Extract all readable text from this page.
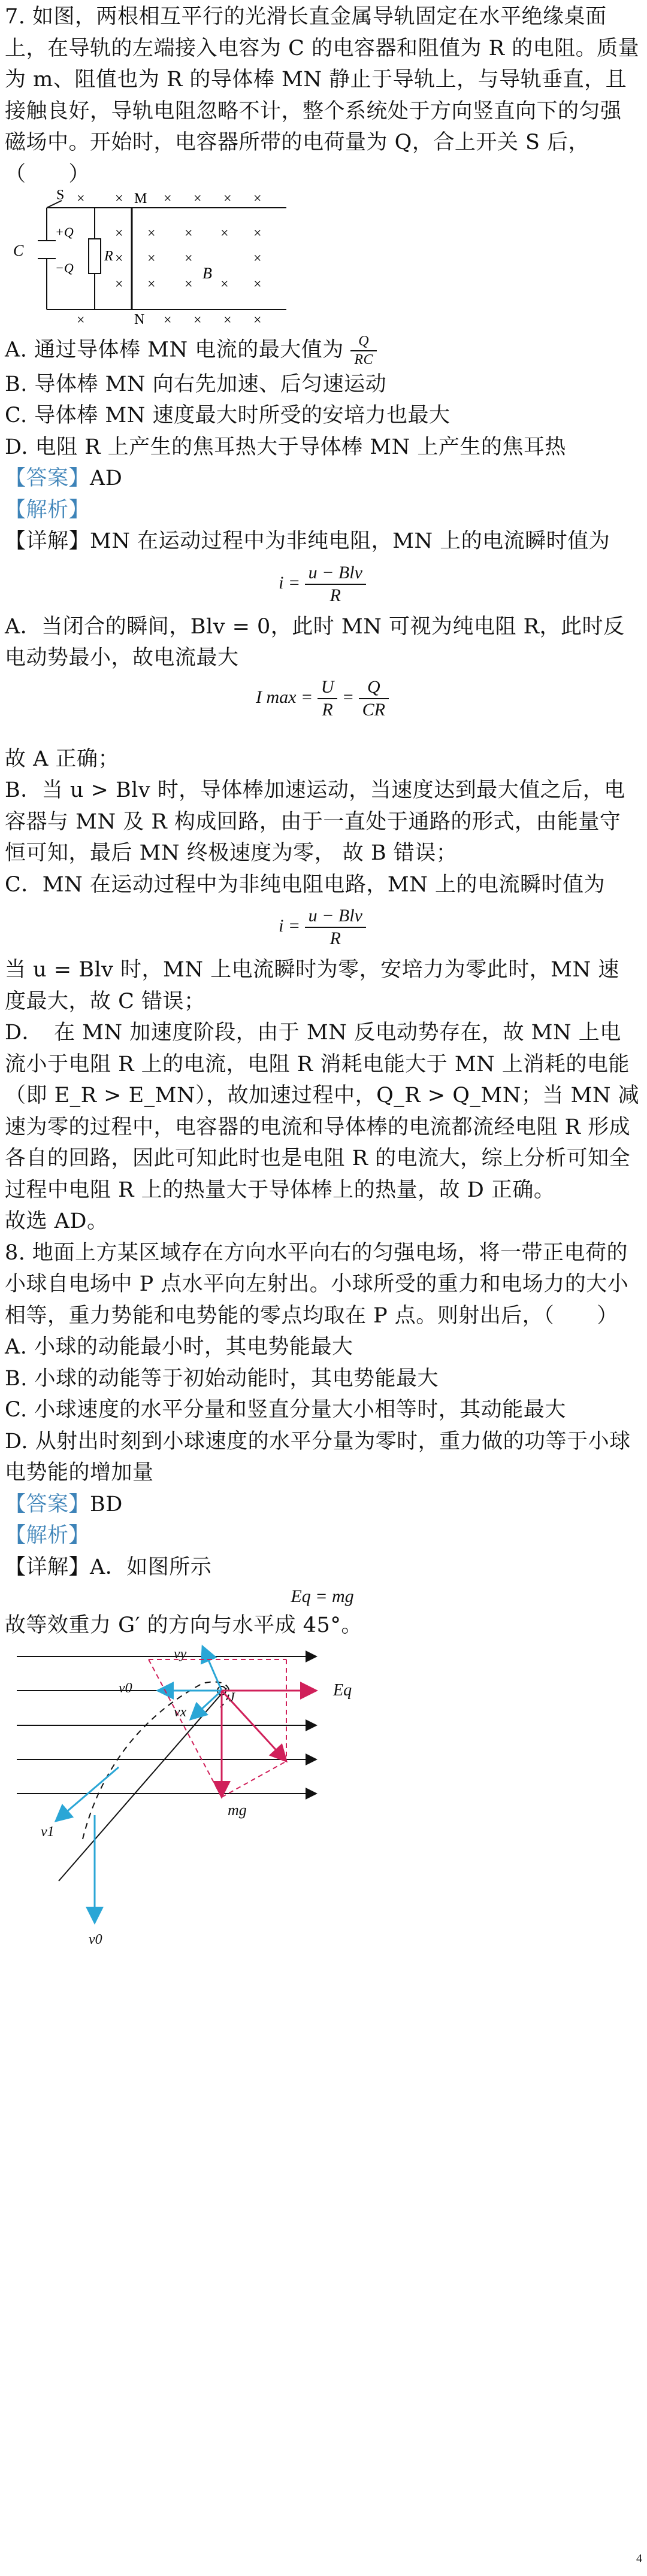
7. 如图，两根相互平行的光滑长直金属导轨固定在水平绝缘桌面上，在导轨的左端接入电容为 C 的电容器和阻值为 R 的电阻。质量为 m、阻值也为 R 的导体棒 MN 静止于导轨上，与导轨垂直，且接触良好，导轨电阻忽略不计，整个系统处于方向竖直向下的匀强磁场中。开始时，电容器所带的电荷量为 Q，合上开关 S 后，（　　）

S	M
N
C
+Q
−Q
R
B
× ×	× × × ×
× × × × ×
× × ×	×
× × × × ×
×	× × × ×

A. 通过导体棒 MN 电流的最大值为 $\frac{Q}{RC}$

B. 导体棒 MN 向右先加速、后匀速运动

C. 导体棒 MN 速度最大时所受的安培力也最大

D. 电阻 R 上产生的焦耳热大于导体棒 MN 上产生的焦耳热

【答案】AD

【解析】

【详解】MN 在运动过程中为非纯电阻，MN 上的电流瞬时值为

$i = \frac{\text{u − Blv}}{R}$

A．当闭合的瞬间，Blv = 0，此时 MN 可视为纯电阻 R，此时反电动势最小，故电流最大

I $\max = \frac{U}{R} = \frac{Q}{CR}$

故 A 正确；

B．当 u > Blv 时，导体棒加速运动，当速度达到最大值之后，电容器与 MN 及 R 构成回路，由于一直处于通路的形式，由能量守恒可知，最后 MN 终极速度为零， 故 B 错误；

C．MN 在运动过程中为非纯电阻电路，MN 上的电流瞬时值为

$i = \frac{\text{u − Blv}}{R}$

当 u = Blv 时，MN 上电流瞬时为零，安培力为零此时，MN 速度最大，故 C 错误；

D．　在 MN 加速度阶段，由于 MN 反电动势存在，故 MN 上电流小于电阻 R 上的电流，电阻 R 消耗电能大于 MN 上消耗的电能（即 E_R > E_MN），故加速过程中，Q_R > Q_MN；当 MN 减速为零的过程中，电容器的电流和导体棒的电流都流经电阻 R 形成各自的回路，因此可知此时也是电阻 R 的电流大，综上分析可知全过程中电阻 R 上的热量大于导体棒上的热量，故 D 正确。

故选 AD。

8. 地面上方某区域存在方向水平向右的匀强电场，将一带正电荷的小球自电场中 P 点水平向左射出。小球所受的重力和电场力的大小相等，重力势能和电势能的零点均取在 P 点。则射出后，（　　）

A. 小球的动能最小时，其电势能最大

B. 小球的动能等于初始动能时，其电势能最大

C. 小球速度的水平分量和竖直分量大小相等时，其动能最大

D. 从射出时刻到小球速度的水平分量为零时，重力做的功等于小球电势能的增加量

【答案】BD

【解析】

【详解】A．如图所示

Eq = mg

故等效重力 G′ 的方向与水平成 45°。

vy
v0
vx
J	Eq
v1
mg
v0
4
